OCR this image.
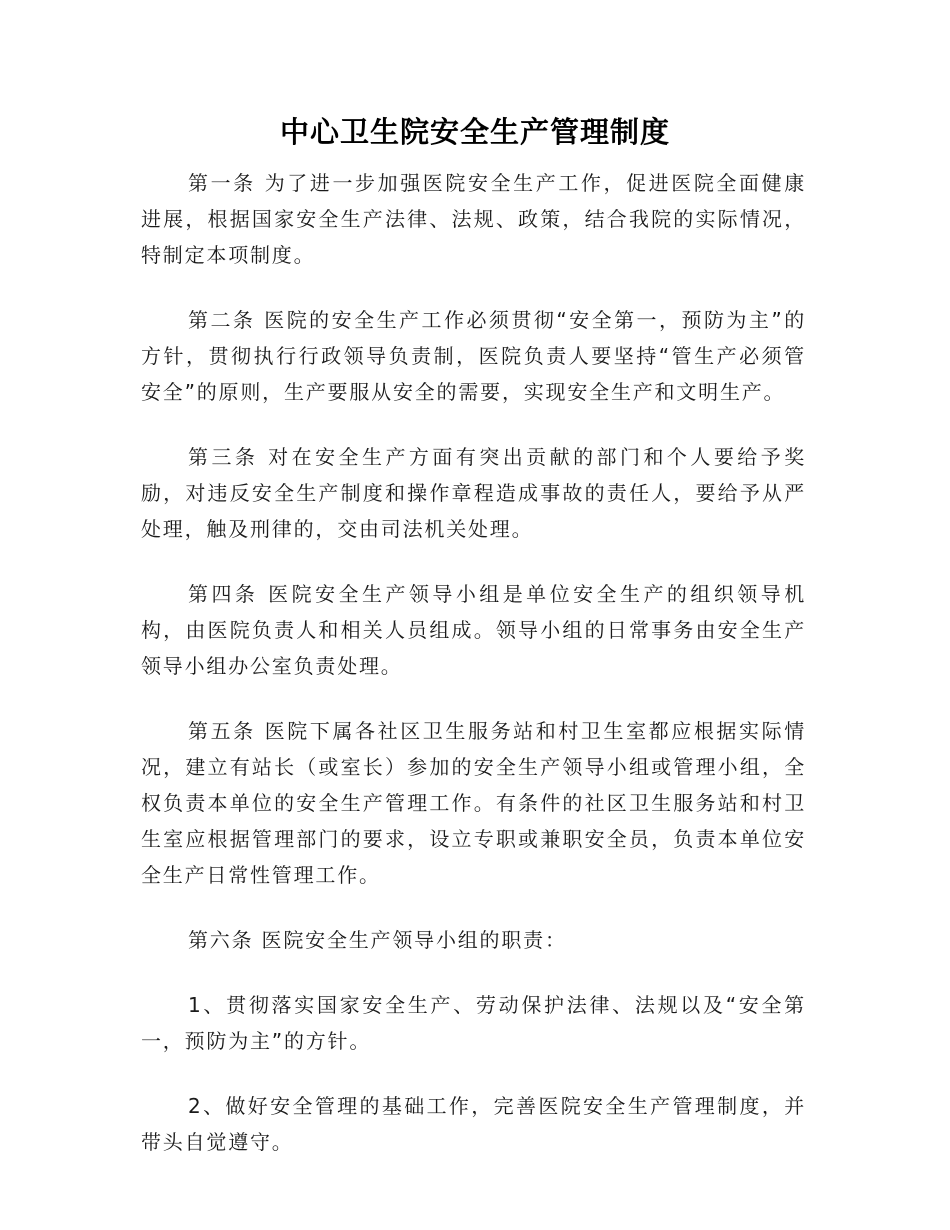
中心卫生院安全生产管理制度

第一条 为了进一步加强医院安全生产工作，促进医院全面健康进展，根据国家安全生产法律、法规、政策，结合我院的实际情况，特制定本项制度。

第二条 医院的安全生产工作必须贯彻“安全第一，预防为主”的方针，贯彻执行行政领导负责制，医院负责人要坚持“管生产必须管安全”的原则，生产要服从安全的需要，实现安全生产和文明生产。

第三条 对在安全生产方面有突出贡献的部门和个人要给予奖励，对违反安全生产制度和操作章程造成事故的责任人，要给予从严处理，触及刑律的，交由司法机关处理。

第四条 医院安全生产领导小组是单位安全生产的组织领导机构，由医院负责人和相关人员组成。领导小组的日常事务由安全生产领导小组办公室负责处理。

第五条 医院下属各社区卫生服务站和村卫生室都应根据实际情况，建立有站长（或室长）参加的安全生产领导小组或管理小组，全权负责本单位的安全生产管理工作。有条件的社区卫生服务站和村卫生室应根据管理部门的要求，设立专职或兼职安全员，负责本单位安全生产日常性管理工作。

第六条 医院安全生产领导小组的职责：

1、贯彻落实国家安全生产、劳动保护法律、法规以及“安全第一，预防为主”的方针。

2、做好安全管理的基础工作，完善医院安全生产管理制度，并带头自觉遵守。
